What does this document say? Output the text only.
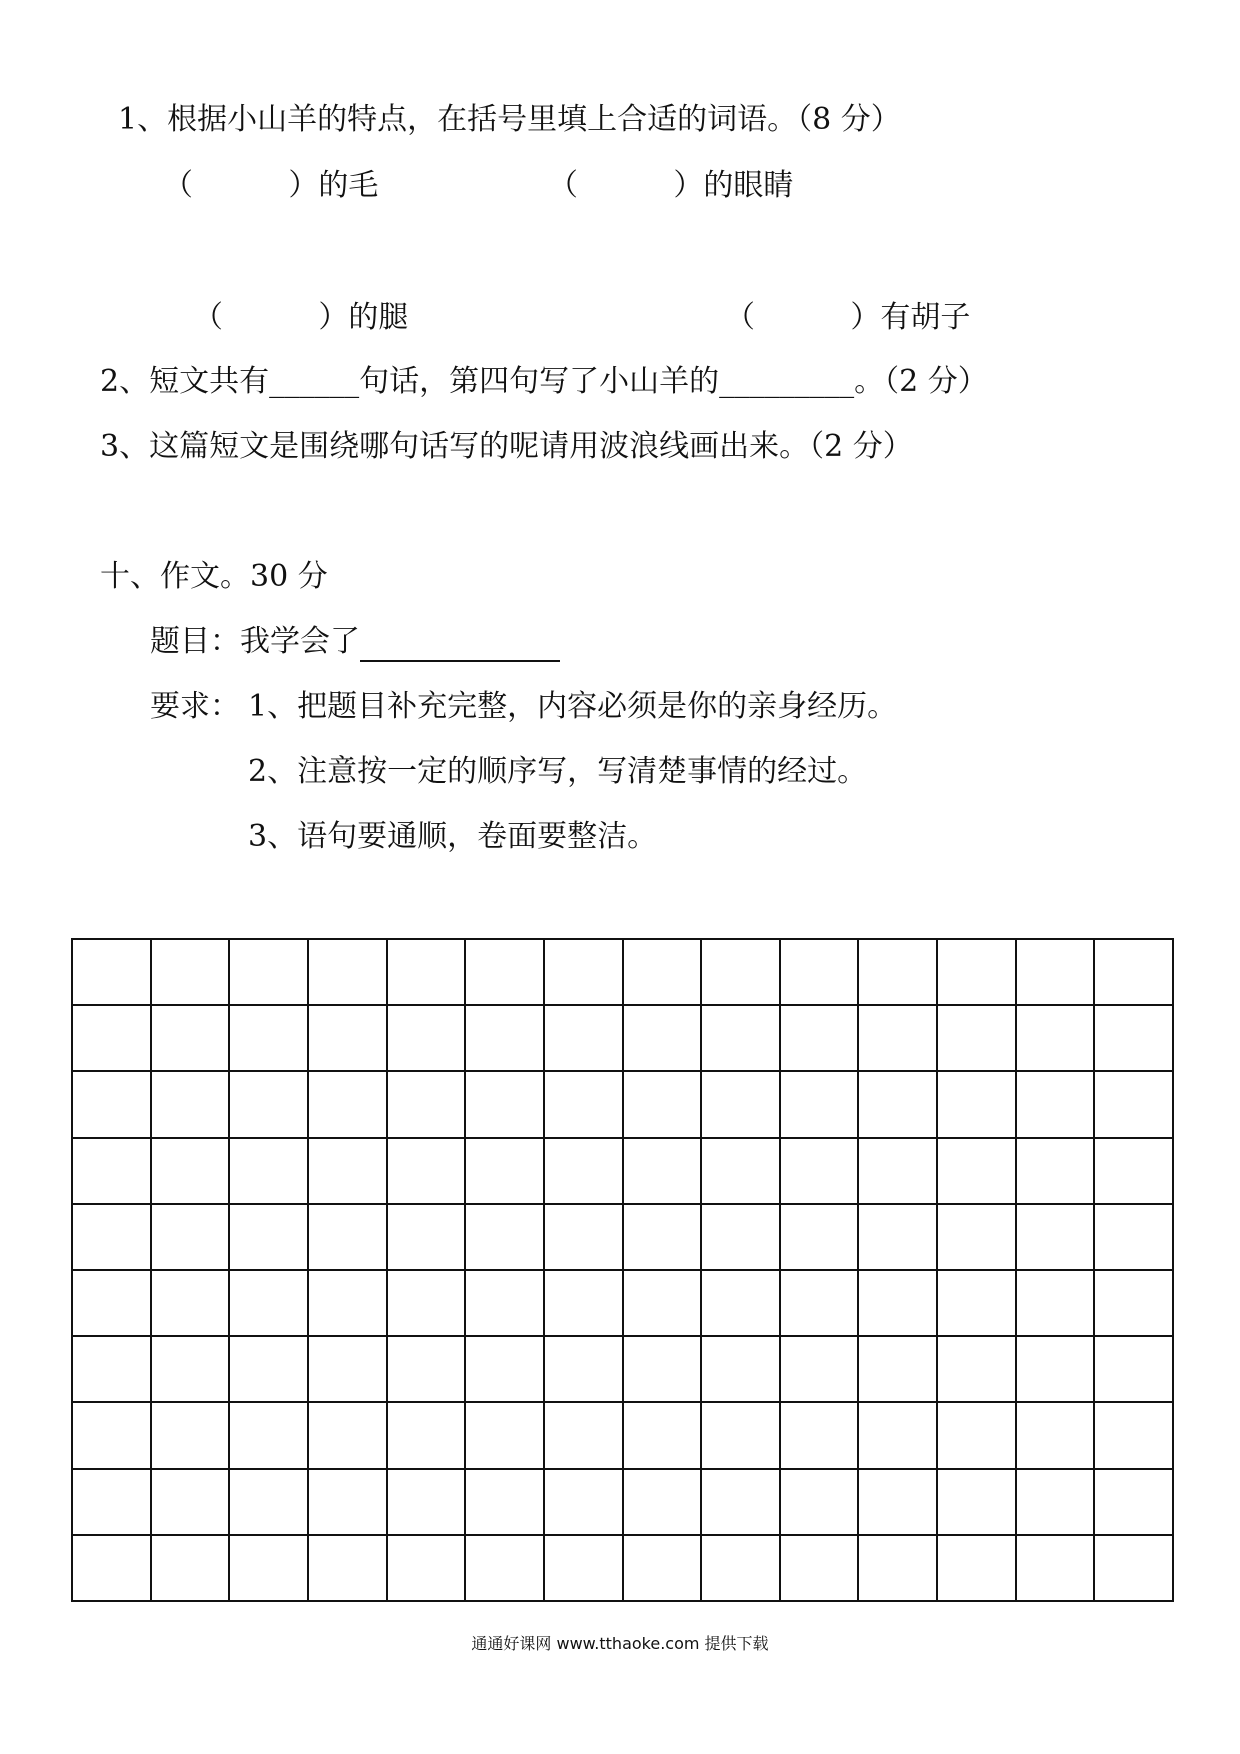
1、根据小山羊的特点，在括号里填上合适的词语。（8 分）

（          ）的毛	（          ）的眼睛

（          ）的腿	（          ）有胡子

2、短文共有______句话，第四句写了小山羊的_________。（2 分）

3、这篇短文是围绕哪句话写的呢请用波浪线画出来。（2 分）

十、作文。30 分

题目：我学会了

要求： 1、把题目补充完整，内容必须是你的亲身经历。

2、注意按一定的顺序写，写清楚事情的经过。

3、语句要通顺，卷面要整洁。

通通好课网 www.tthaoke.com 提供下载
